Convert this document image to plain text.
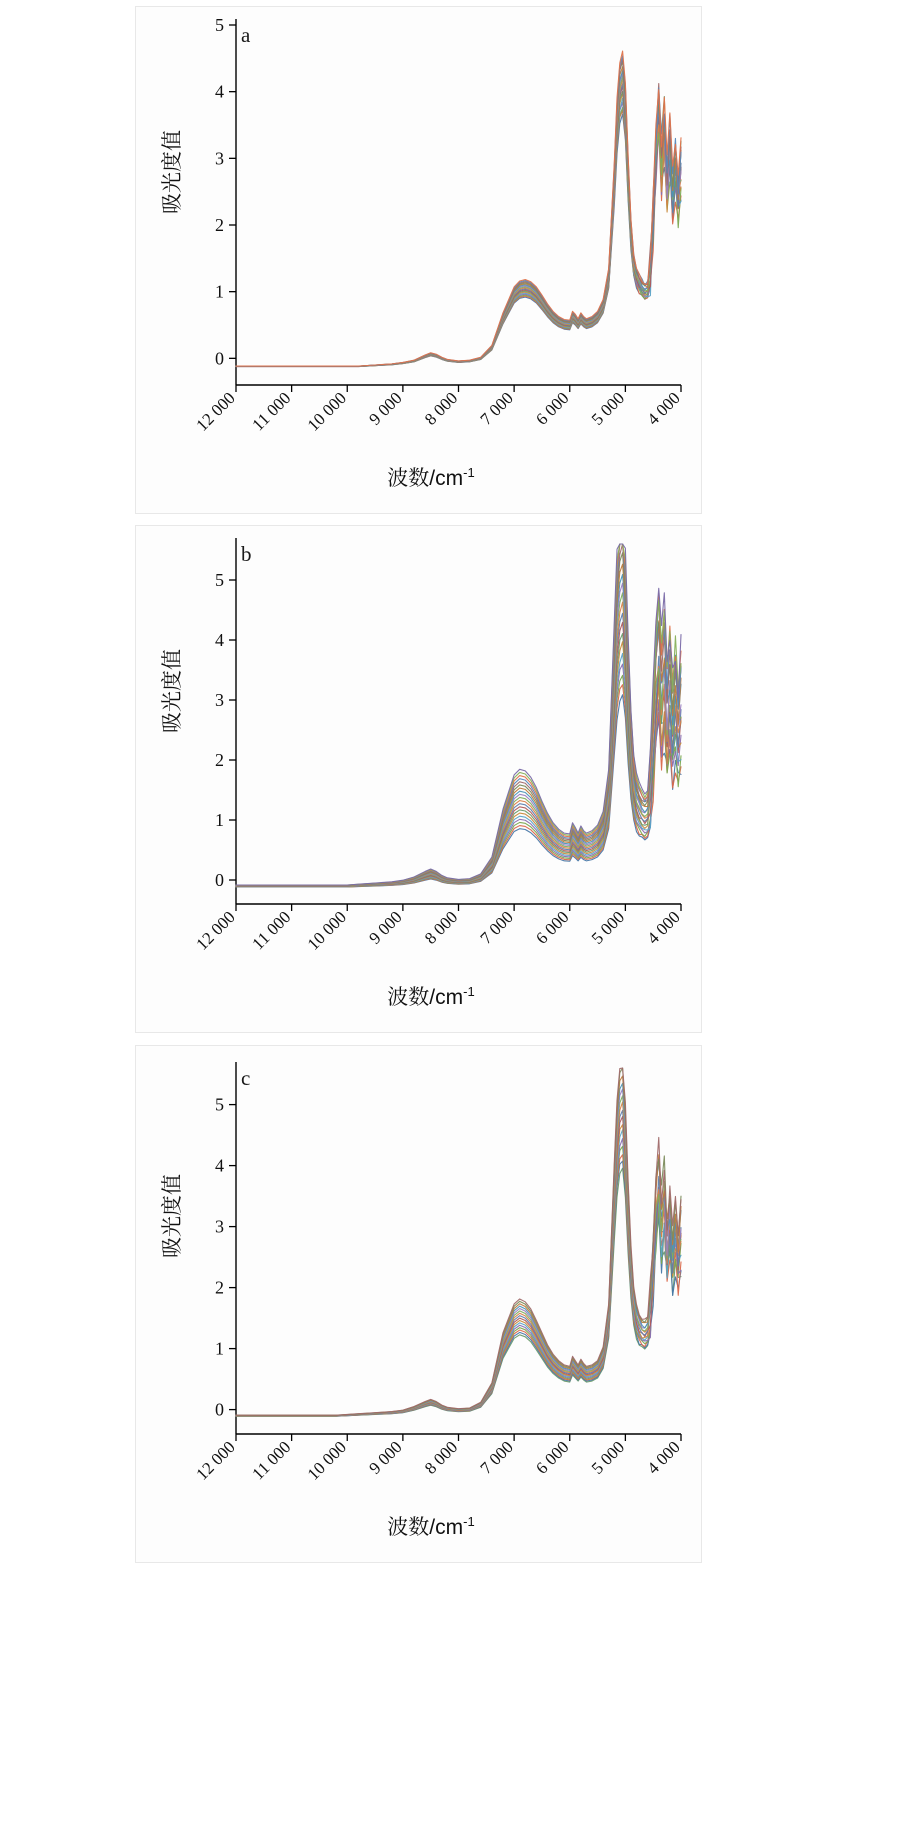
0
1
2
3
4
5
12 000 11 000 10 000 9 000 8 000 7 000 6 000 5 000 4 000
a
吸光度值
波数$/cm^{-1}$
0
1
2
3
4
5
12 000 11 000 10 000 9 000 8 000 7 000 6 000 5 000 4 000
b
吸光度值
波数$/cm^{-1}$
0
1
2
3
4
5
12 000 11 000 10 000 9 000 8 000 7 000 6 000 5 000 4 000
c
吸光度值
波数$/cm^{-1}$
